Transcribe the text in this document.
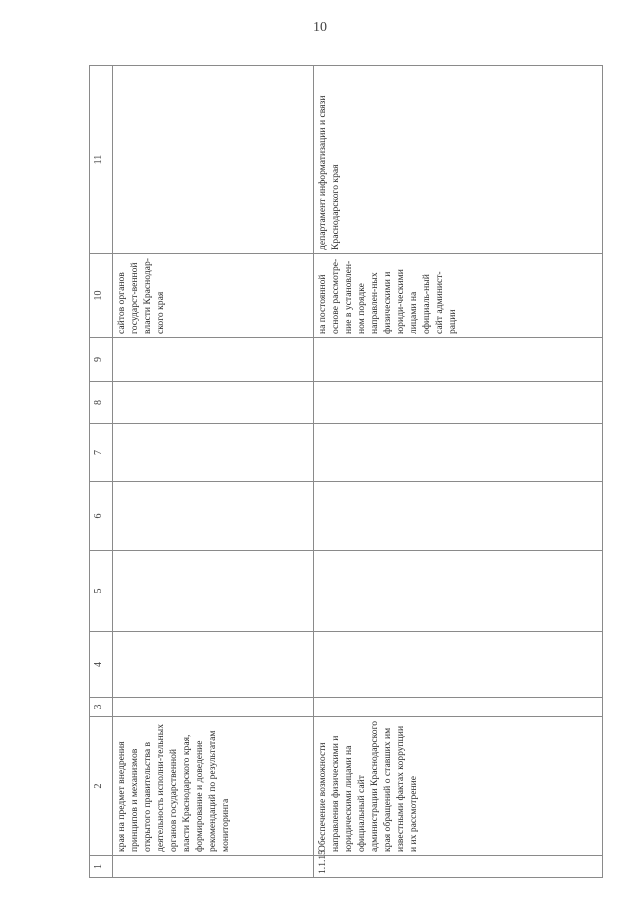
10
1	2	3	4	5	6	7	8	9	10	11
	края на предмет внедрения принципов и механизмов открытого правительства в деятельность исполни-тельных органов государственной власти Краснодарского края, формирование и доведение рекомендаций по результатам мониторинга								сайтов органов государст-венной власти Краснодар-ского края	
1.1.15	Обеспечение возможности направления физическими и юридическими лицами на официальный сайт администрации Краснодарского края обращений о ставших им известными фактах коррупции и их рассмотрение								на постоянной основе рассмотре-ние в установлен-ном порядке направлен-ных физическими и юриди-ческими лицами на официаль-ный сайт админист-рации	департамент информатизации и связи Краснодарского края
